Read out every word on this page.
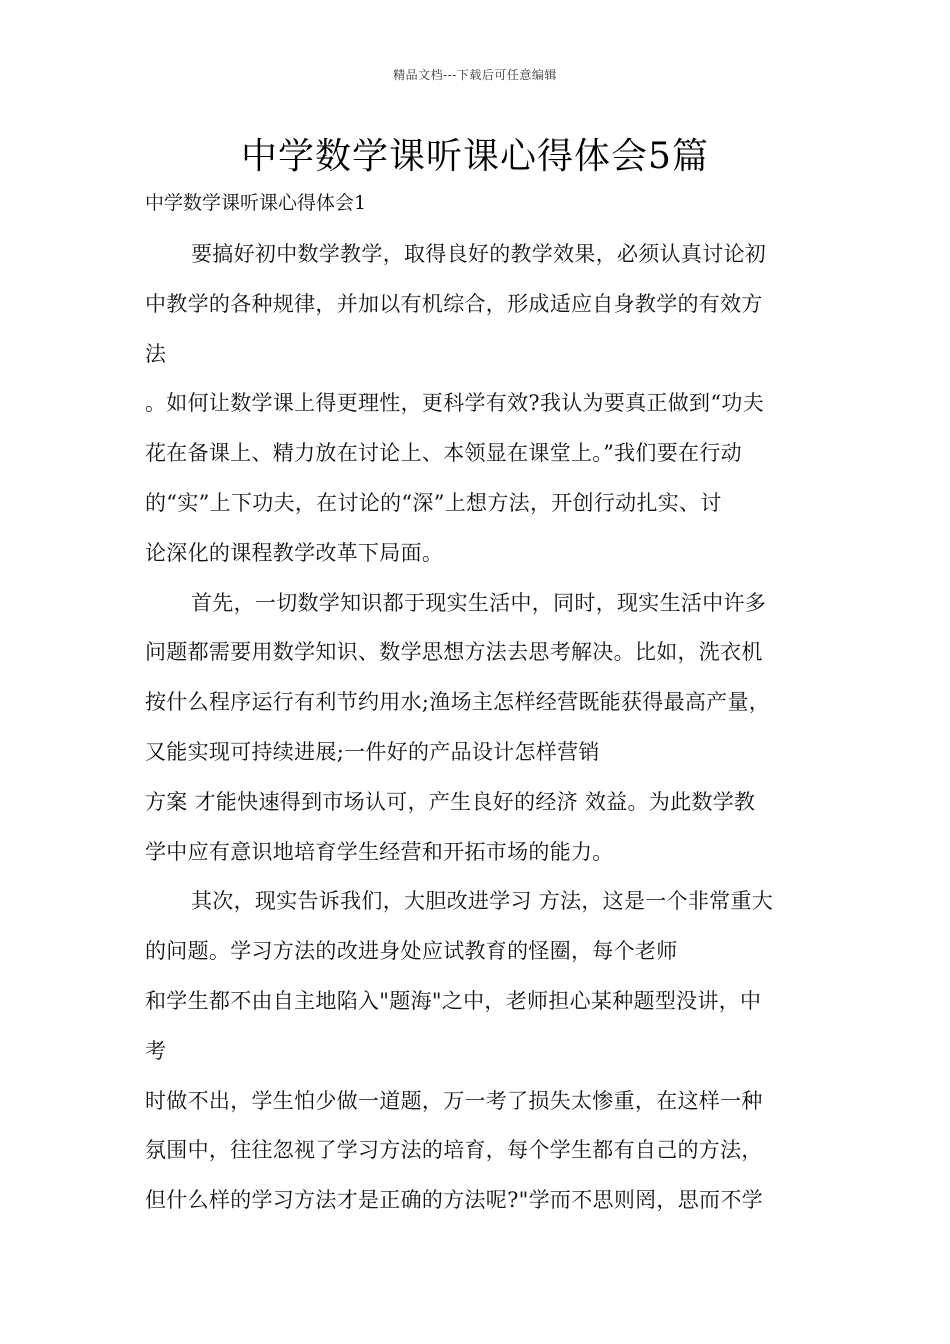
精品文档---下载后可任意编辑
中学数学课听课心得体会5篇
中学数学课听课心得体会1
要搞好初中数学教学，取得良好的教学效果，必须认真讨论初
中教学的各种规律，并加以有机综合，形成适应自身教学的有效方
法
。如何让数学课上得更理性，更科学有效?我认为要真正做到“功夫
花在备课上、精力放在讨论上、本领显在课堂上。”我们要在行动
的“实”上下功夫，在讨论的“深”上想方法，开创行动扎实、讨
论深化的课程教学改革下局面。
首先，一切数学知识都于现实生活中，同时，现实生活中许多
问题都需要用数学知识、数学思想方法去思考解决。比如，洗衣机
按什么程序运行有利节约用水;渔场主怎样经营既能获得最高产量，
又能实现可持续进展;一件好的产品设计怎样营销
方案 才能快速得到市场认可，产生良好的经济 效益。为此数学教
学中应有意识地培育学生经营和开拓市场的能力。
其次，现实告诉我们，大胆改进学习 方法，这是一个非常重大
的问题。学习方法的改进身处应试教育的怪圈，每个老师
和学生都不由自主地陷入"题海"之中，老师担心某种题型没讲，中
考
时做不出，学生怕少做一道题，万一考了损失太惨重，在这样一种
氛围中，往往忽视了学习方法的培育，每个学生都有自己的方法，
但什么样的学习方法才是正确的方法呢?"学而不思则罔，思而不学
